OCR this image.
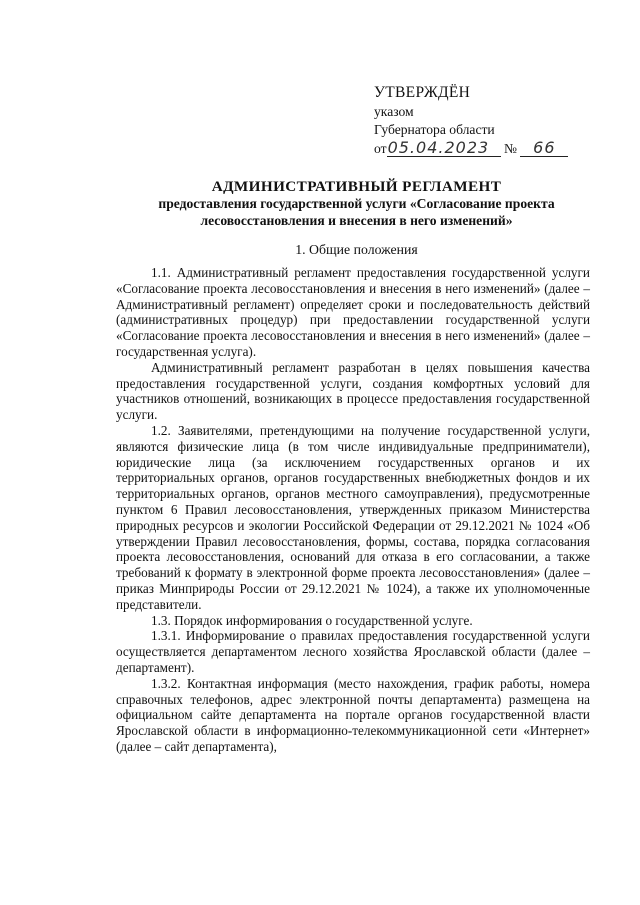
УТВЕРЖДЁН
указом
Губернатора области
от05.04.2023 № 66
АДМИНИСТРАТИВНЫЙ РЕГЛАМЕНТ
предоставления государственной услуги «Согласование проекта
лесовосстановления и внесения в него изменений»
1. Общие положения

1.1. Административный регламент предоставления государственной услуги «Согласование проекта лесовосстановления и внесения в него изменений» (далее – Административный регламент) определяет сроки и последовательность действий (административных процедур) при предоставлении государственной услуги «Согласование проекта лесовосстановления и внесения в него изменений» (далее – государственная услуга).

Административный регламент разработан в целях повышения качества предоставления государственной услуги, создания комфортных условий для участников отношений, возникающих в процессе предоставления государственной услуги.

1.2. Заявителями, претендующими на получение государственной услуги, являются физические лица (в том числе индивидуальные предприниматели), юридические лица (за исключением государственных органов и их территориальных органов, органов государственных внебюджетных фондов и их территориальных органов, органов местного самоуправления), предусмотренные пунктом 6 Правил лесовосстановления, утвержденных приказом Министерства природных ресурсов и экологии Российской Федерации от 29.12.2021 № 1024 «Об утверждении Правил лесовосстановления, формы, состава, порядка согласования проекта лесовосстановления, оснований для отказа в его согласовании, а также требований к формату в электронной форме проекта лесовосстановления» (далее – приказ Минприроды России от 29.12.2021 № 1024), а также их уполномоченные представители.

1.3. Порядок информирования о государственной услуге.

1.3.1. Информирование о правилах предоставления государственной услуги осуществляется департаментом лесного хозяйства Ярославской области (далее – департамент).

1.3.2. Контактная информация (место нахождения, график работы, номера справочных телефонов, адрес электронной почты департамента) размещена на официальном сайте департамента на портале органов государственной власти Ярославской области в информационно-телекоммуникационной сети «Интернет» (далее – сайт департамента),
